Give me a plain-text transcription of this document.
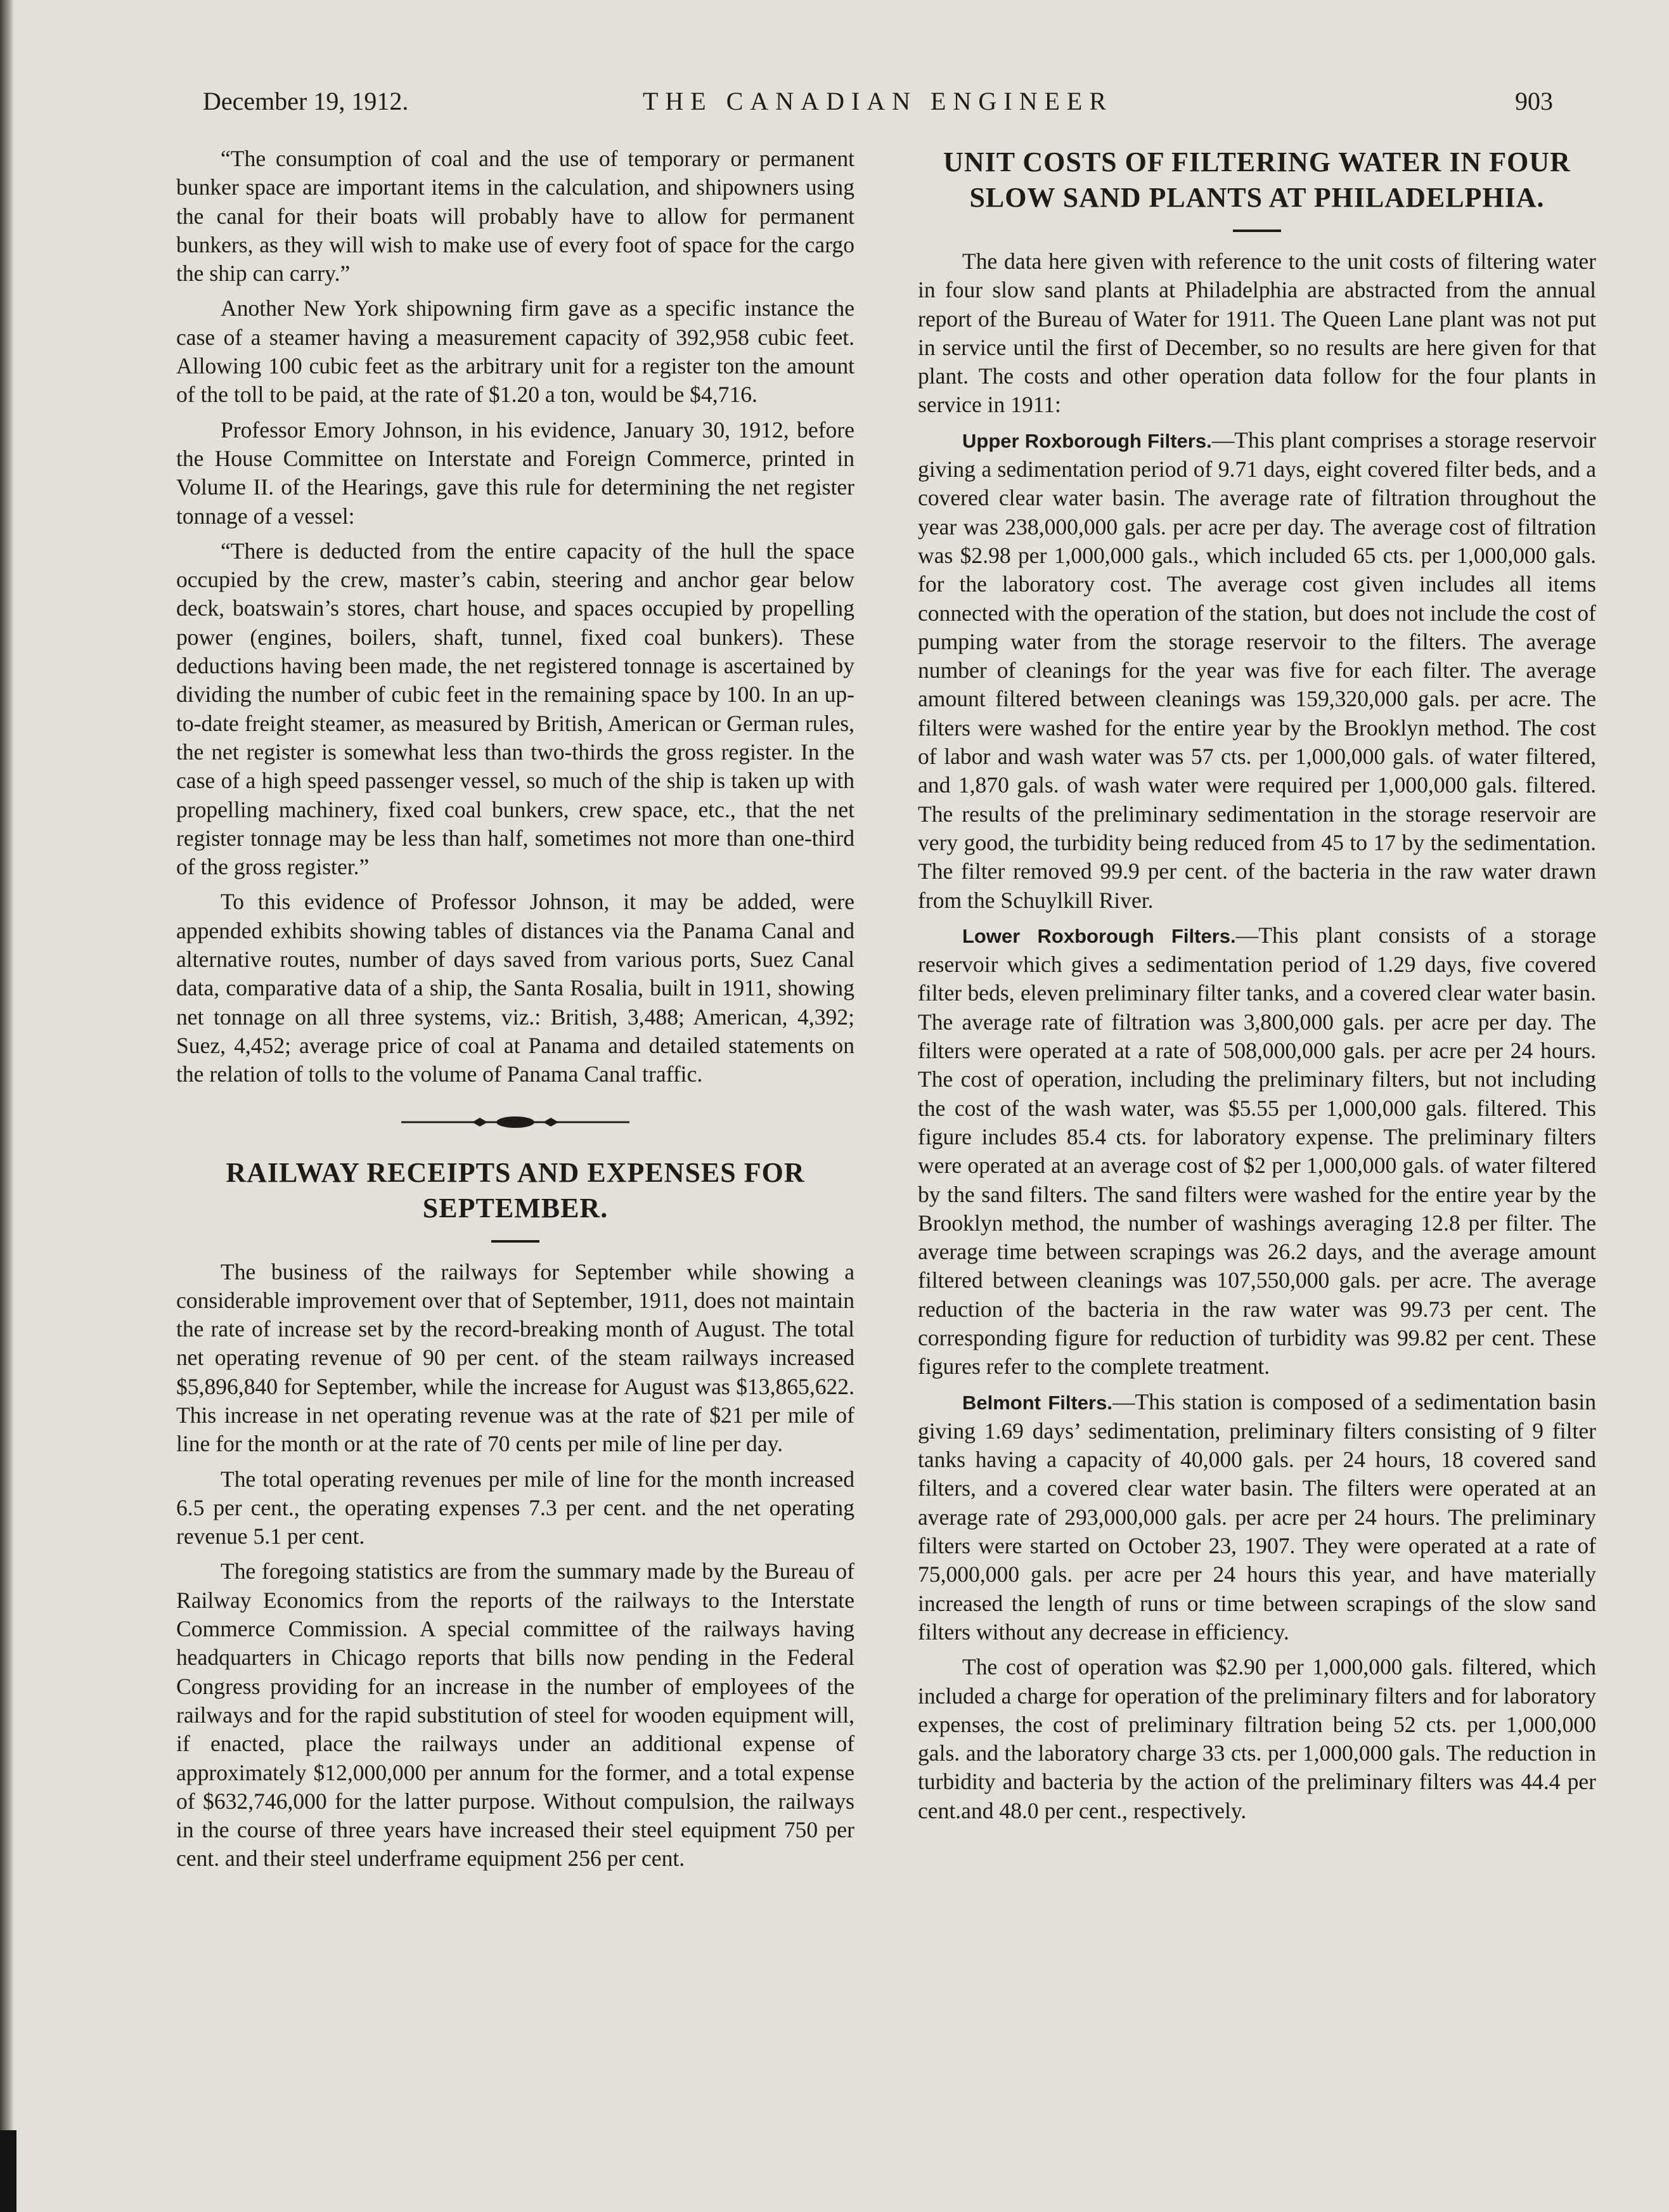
December 19, 1912.	THE CANADIAN ENGINEER	903

“The consumption of coal and the use of temporary or permanent bunker space are important items in the calculation, and shipowners using the canal for their boats will probably have to allow for permanent bunkers, as they will wish to make use of every foot of space for the cargo the ship can carry.”

Another New York shipowning firm gave as a specific instance the case of a steamer having a measurement capacity of 392,958 cubic feet. Allowing 100 cubic feet as the arbitrary unit for a register ton the amount of the toll to be paid, at the rate of $1.20 a ton, would be $4,716.

Professor Emory Johnson, in his evidence, January 30, 1912, before the House Committee on Interstate and Foreign Commerce, printed in Volume II. of the Hearings, gave this rule for determining the net register tonnage of a vessel:

“There is deducted from the entire capacity of the hull the space occupied by the crew, master’s cabin, steering and anchor gear below deck, boatswain’s stores, chart house, and spaces occupied by propelling power (engines, boilers, shaft, tunnel, fixed coal bunkers). These deductions having been made, the net registered tonnage is ascertained by dividing the number of cubic feet in the remaining space by 100. In an up-to-date freight steamer, as measured by British, American or German rules, the net register is somewhat less than two-thirds the gross register. In the case of a high speed passenger vessel, so much of the ship is taken up with propelling machinery, fixed coal bunkers, crew space, etc., that the net register tonnage may be less than half, sometimes not more than one-third of the gross register.”

To this evidence of Professor Johnson, it may be added, were appended exhibits showing tables of distances via the Panama Canal and alternative routes, number of days saved from various ports, Suez Canal data, comparative data of a ship, the Santa Rosalia, built in 1911, showing net tonnage on all three systems, viz.: British, 3,488; American, 4,392; Suez, 4,452; average price of coal at Panama and detailed statements on the relation of tolls to the volume of Panama Canal traffic.

RAILWAY RECEIPTS AND EXPENSES FOR
SEPTEMBER.

The business of the railways for September while showing a considerable improvement over that of September, 1911, does not maintain the rate of increase set by the record-breaking month of August. The total net operating revenue of 90 per cent. of the steam railways increased $5,896,840 for September, while the increase for August was $13,865,622. This increase in net operating revenue was at the rate of $21 per mile of line for the month or at the rate of 70 cents per mile of line per day.

The total operating revenues per mile of line for the month increased 6.5 per cent., the operating expenses 7.3 per cent. and the net operating revenue 5.1 per cent.

The foregoing statistics are from the summary made by the Bureau of Railway Economics from the reports of the railways to the Interstate Commerce Commission. A special committee of the railways having headquarters in Chicago reports that bills now pending in the Federal Congress providing for an increase in the number of employees of the railways and for the rapid substitution of steel for wooden equipment will, if enacted, place the railways under an additional expense of approximately $12,000,000 per annum for the former, and a total expense of $632,746,000 for the latter purpose. Without compulsion, the railways in the course of three years have increased their steel equipment 750 per cent. and their steel underframe equipment 256 per cent.

UNIT COSTS OF FILTERING WATER IN FOUR
SLOW SAND PLANTS AT PHILADELPHIA.

The data here given with reference to the unit costs of filtering water in four slow sand plants at Philadelphia are abstracted from the annual report of the Bureau of Water for 1911. The Queen Lane plant was not put in service until the first of December, so no results are here given for that plant. The costs and other operation data follow for the four plants in service in 1911:

Upper Roxborough Filters.—This plant comprises a storage reservoir giving a sedimentation period of 9.71 days, eight covered filter beds, and a covered clear water basin. The average rate of filtration throughout the year was 238,000,000 gals. per acre per day. The average cost of filtration was $2.98 per 1,000,000 gals., which included 65 cts. per 1,000,000 gals. for the laboratory cost. The average cost given includes all items connected with the operation of the station, but does not include the cost of pumping water from the storage reservoir to the filters. The average number of cleanings for the year was five for each filter. The average amount filtered between cleanings was 159,320,000 gals. per acre. The filters were washed for the entire year by the Brooklyn method. The cost of labor and wash water was 57 cts. per 1,000,000 gals. of water filtered, and 1,870 gals. of wash water were required per 1,000,000 gals. filtered. The results of the preliminary sedimentation in the storage reservoir are very good, the turbidity being reduced from 45 to 17 by the sedimentation. The filter removed 99.9 per cent. of the bacteria in the raw water drawn from the Schuylkill River.

Lower Roxborough Filters.—This plant consists of a storage reservoir which gives a sedimentation period of 1.29 days, five covered filter beds, eleven preliminary filter tanks, and a covered clear water basin. The average rate of filtration was 3,800,000 gals. per acre per day. The filters were operated at a rate of 508,000,000 gals. per acre per 24 hours. The cost of operation, including the preliminary filters, but not including the cost of the wash water, was $5.55 per 1,000,000 gals. filtered. This figure includes 85.4 cts. for laboratory expense. The preliminary filters were operated at an average cost of $2 per 1,000,000 gals. of water filtered by the sand filters. The sand filters were washed for the entire year by the Brooklyn method, the number of washings averaging 12.8 per filter. The average time between scrapings was 26.2 days, and the average amount filtered between cleanings was 107,550,000 gals. per acre. The average reduction of the bacteria in the raw water was 99.73 per cent. The corresponding figure for reduction of turbidity was 99.82 per cent. These figures refer to the complete treatment.

Belmont Filters.—This station is composed of a sedimentation basin giving 1.69 days’ sedimentation, preliminary filters consisting of 9 filter tanks having a capacity of 40,000 gals. per 24 hours, 18 covered sand filters, and a covered clear water basin. The filters were operated at an average rate of 293,000,000 gals. per acre per 24 hours. The preliminary filters were started on October 23, 1907. They were operated at a rate of 75,000,000 gals. per acre per 24 hours this year, and have materially increased the length of runs or time between scrapings of the slow sand filters without any decrease in efficiency.

The cost of operation was $2.90 per 1,000,000 gals. filtered, which included a charge for operation of the preliminary filters and for laboratory expenses, the cost of preliminary filtration being 52 cts. per 1,000,000 gals. and the laboratory charge 33 cts. per 1,000,000 gals. The reduction in turbidity and bacteria by the action of the preliminary filters was 44.4 per cent.and 48.0 per cent., respectively.
